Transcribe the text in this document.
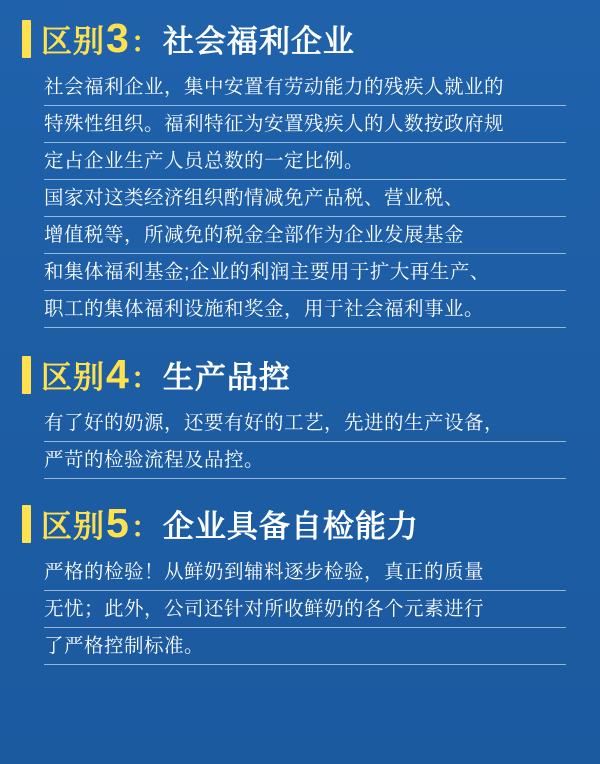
区别 3 ： 社会福利企业

社会福利企业，集中安置有劳动能力的残疾人就业的

特殊性组织。福利特征为安置残疾人的人数按政府规

定占企业生产人员总数的一定比例。

国家对这类经济组织酌情减免产品税、营业税、

增值税等，所减免的税金全部作为企业发展基金

和集体福利基金;企业的利润主要用于扩大再生产、

职工的集体福利设施和奖金，用于社会福利事业。

区别 4 ： 生产品控

有了好的奶源，还要有好的工艺，先进的生产设备，

严苛的检验流程及品控。

区别 5 ： 企业具备自检能力

严格的检验！从鲜奶到辅料逐步检验，真正的质量

无忧；此外，公司还针对所收鲜奶的各个元素进行

了严格控制标准。
